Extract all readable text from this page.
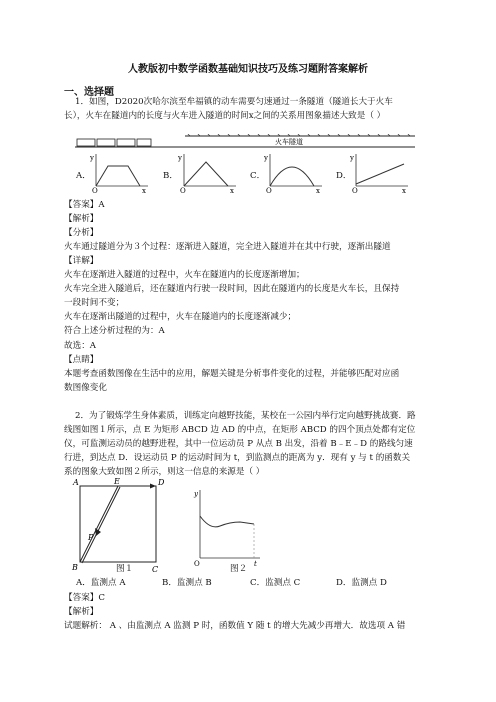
人教版初中数学函数基础知识技巧及练习题附答案解析
一、选择题
1．如图，D2020次哈尔滨至牟福镇的动车需要匀速通过一条隧道（隧道长大于火车
长），火车在隧道内的长度与火车进入隧道的时间x之间的关系用图象描述大致是（ ）
火车隧道
A．
y
O	x
B．
y
O	x
C．
y
O	x
D．
y
O	x
【答案】A
【解析】
【分析】
火车通过隧道分为３个过程：逐渐进入隧道，完全进入隧道并在其中行驶，逐渐出隧道
【详解】
火车在逐渐进入隧道的过程中，火车在隧道内的长度逐渐增加；
火车完全进入隧道后，还在隧道内行驶一段时间，因此在隧道内的长度是火车长，且保持
一段时间不变；
火车在逐渐出隧道的过程中，火车在隧道内的长度逐渐减少；
符合上述分析过程的为：A
故选：A
【点睛】
本题考查函数图像在生活中的应用，解题关键是分析事件变化的过程，并能够匹配对应函
数图像变化
2．为了锻炼学生身体素质，训练定向越野技能，某校在一公园内举行定向越野挑战赛．路
线图如图１所示，点 E 为矩形 ABCD 边 AD 的中点，在矩形 ABCD 的四个顶点处都有定位
仪，可监测运动员的越野进程，其中一位运动员 P 从点 B 出发，沿着 B﹣E﹣D 的路线匀速
行进，到达点 D．设运动员 P 的运动时间为 t，到监测点的距离为 y．现有 y 与 t 的函数关
系的图象大致如图２所示，则这一信息的来源是（ ）
A	E	D
B	C
P
图１
y
O	t
图２
A．监测点 A	B．监测点 B	C．监测点 C	D．监测点 D
【答案】C
【解析】
试题解析： A 、由监测点 A 监测 P 时，函数值 Y 随 t 的增大先减少再增大．故选项 A 错
